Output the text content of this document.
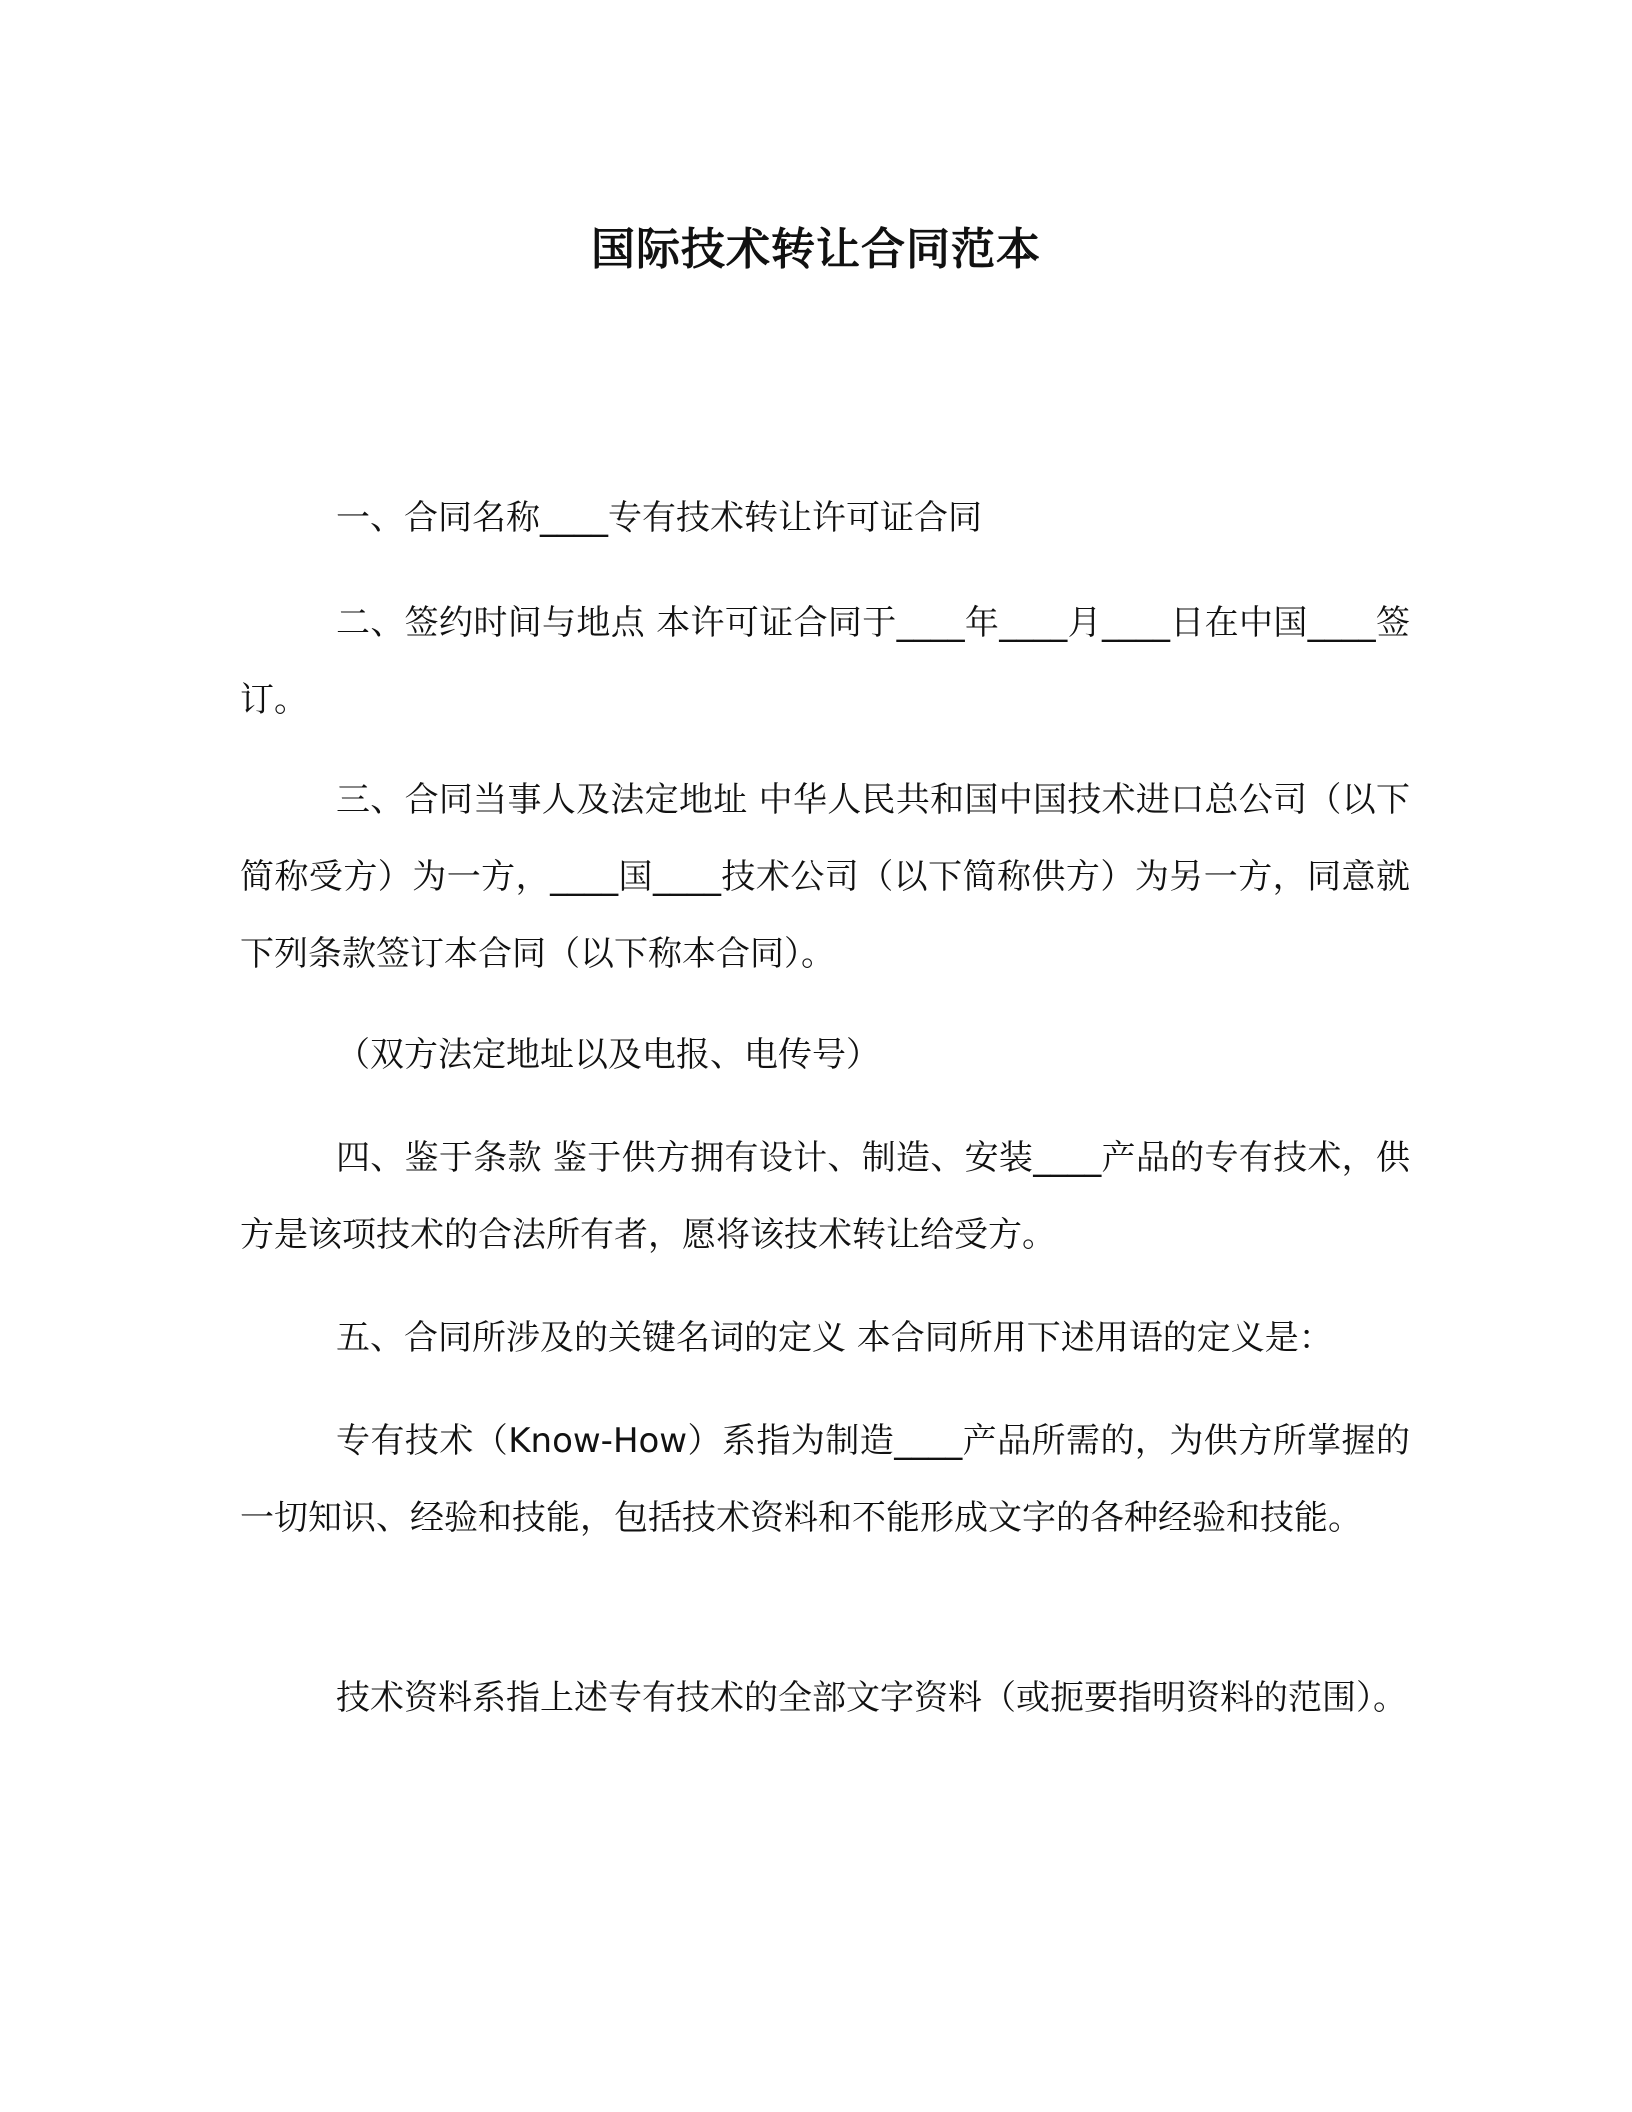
国际技术转让合同范本

一、合同名称____专有技术转让许可证合同

二、签约时间与地点 本许可证合同于____年____月____日在中国____签订。

三、合同当事人及法定地址 中华人民共和国中国技术进口总公司（以下简称受方）为一方，____国____技术公司（以下简称供方）为另一方，同意就下列条款签订本合同（以下称本合同）。

（双方法定地址以及电报、电传号）

四、鉴于条款 鉴于供方拥有设计、制造、安装____产品的专有技术，供方是该项技术的合法所有者，愿将该技术转让给受方。

五、合同所涉及的关键名词的定义 本合同所用下述用语的定义是：

专有技术（Know-How）系指为制造____产品所需的，为供方所掌握的一切知识、经验和技能，包括技术资料和不能形成文字的各种经验和技能。

技术资料系指上述专有技术的全部文字资料（或扼要指明资料的范围）。
